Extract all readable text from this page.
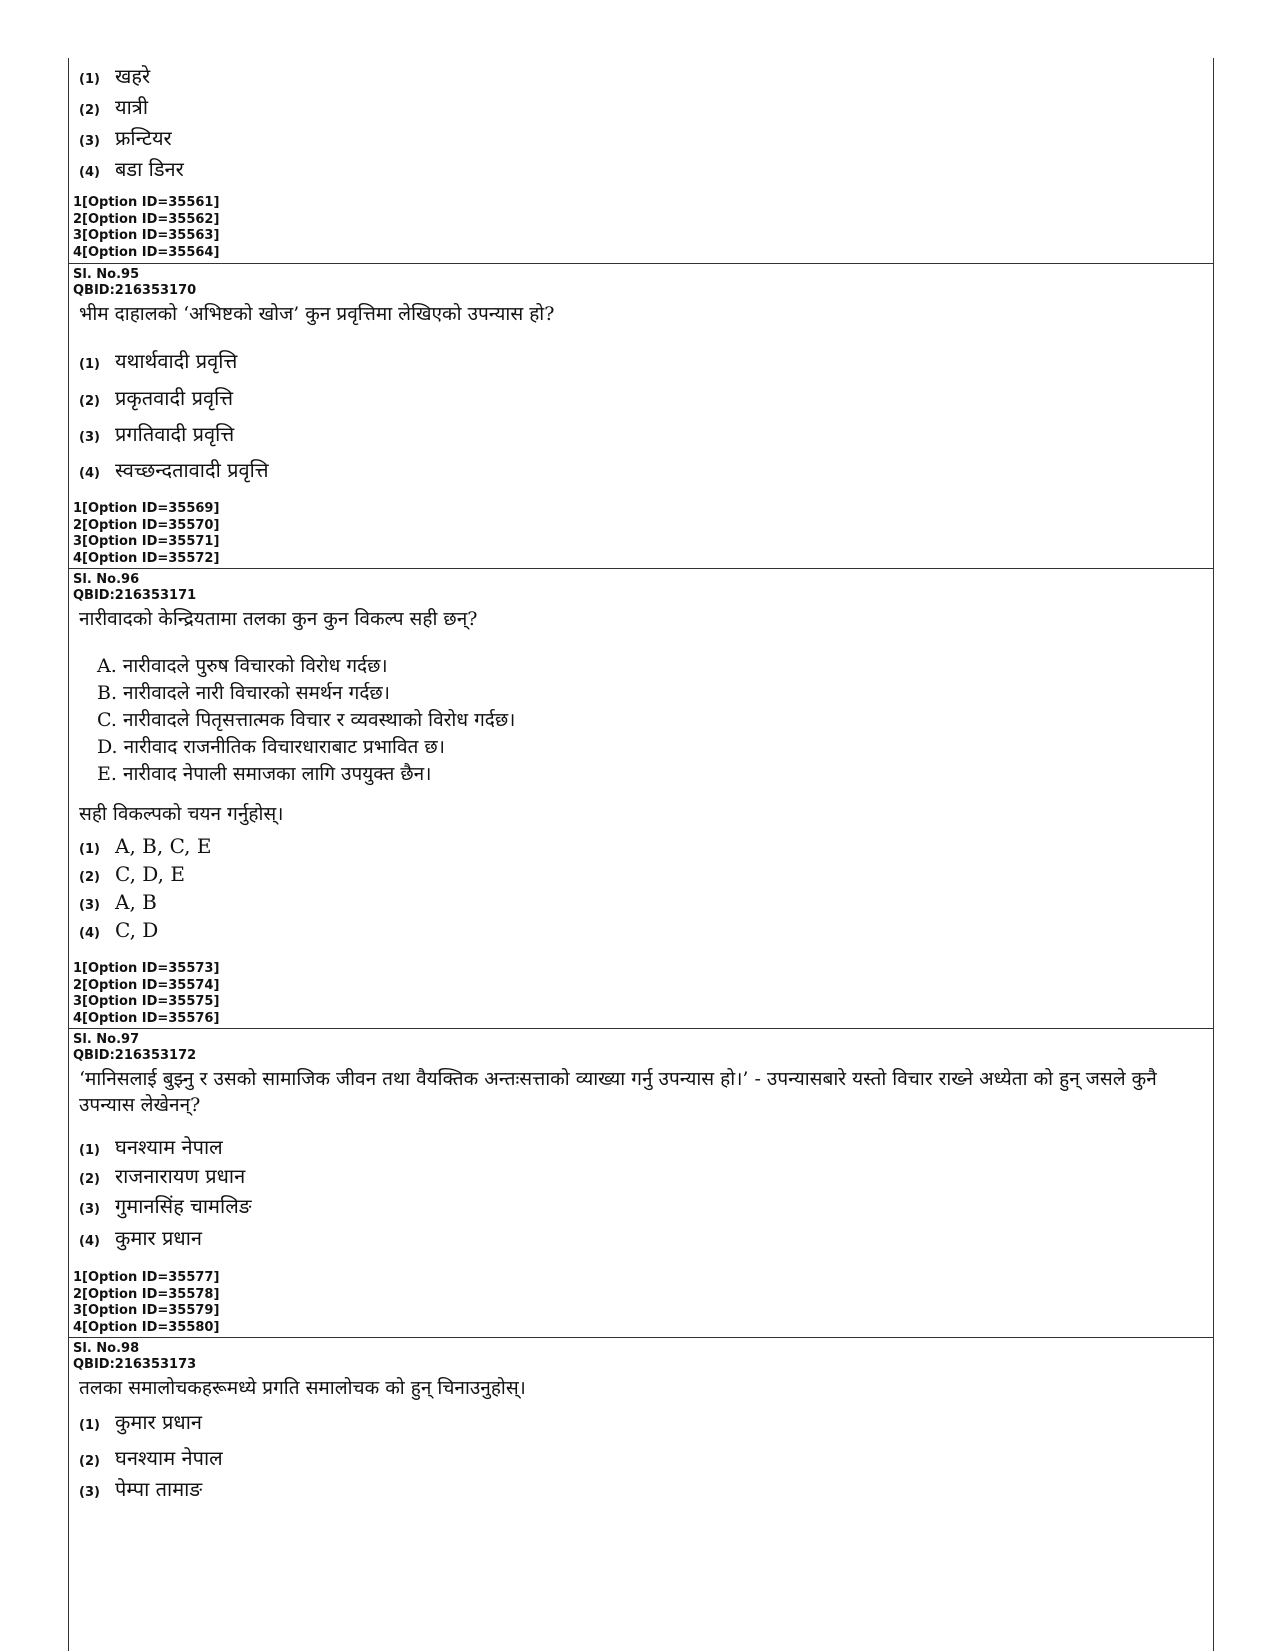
(1) खहरे
(2) यात्री
(3) फ्रन्टियर
(4) बडा डिनर
1[Option ID=35561]
2[Option ID=35562]
3[Option ID=35563]
4[Option ID=35564]
Sl. No.95
QBID:216353170
भीम दाहालको ‘अभिष्टको खोज’ कुन प्रवृत्तिमा लेखिएको उपन्यास हो?
(1) यथार्थवादी प्रवृत्ति
(2) प्रकृतवादी प्रवृत्ति
(3) प्रगतिवादी प्रवृत्ति
(4) स्वच्छन्दतावादी प्रवृत्ति
1[Option ID=35569]
2[Option ID=35570]
3[Option ID=35571]
4[Option ID=35572]
Sl. No.96
QBID:216353171
नारीवादको केन्द्रियतामा तलका कुन कुन विकल्प सही छन्?
A. नारीवादले पुरुष विचारको विरोध गर्दछ।
B. नारीवादले नारी विचारको समर्थन गर्दछ।
C. नारीवादले पितृसत्तात्मक विचार र व्यवस्थाको विरोध गर्दछ।
D. नारीवाद राजनीतिक विचारधाराबाट प्रभावित छ।
E. नारीवाद नेपाली समाजका लागि उपयुक्त छैन।
सही विकल्पको चयन गर्नुहोस्।
(1) A, B, C, E
(2) C, D, E
(3) A, B
(4) C, D
1[Option ID=35573]
2[Option ID=35574]
3[Option ID=35575]
4[Option ID=35576]
Sl. No.97
QBID:216353172
‘मानिसलाई बुझ्नु र उसको सामाजिक जीवन तथा वैयक्तिक अन्तःसत्ताको व्याख्या गर्नु उपन्यास हो।’ - उपन्यासबारे यस्तो विचार राख्ने अध्येता को हुन् जसले कुनै उपन्यास लेखेनन्?
(1) घनश्याम नेपाल
(2) राजनारायण प्रधान
(3) गुमानसिंह चामलिङ
(4) कुमार प्रधान
1[Option ID=35577]
2[Option ID=35578]
3[Option ID=35579]
4[Option ID=35580]
Sl. No.98
QBID:216353173
तलका समालोचकहरूमध्ये प्रगति समालोचक को हुन् चिनाउनुहोस्।
(1) कुमार प्रधान
(2) घनश्याम नेपाल
(3) पेम्पा तामाङ
